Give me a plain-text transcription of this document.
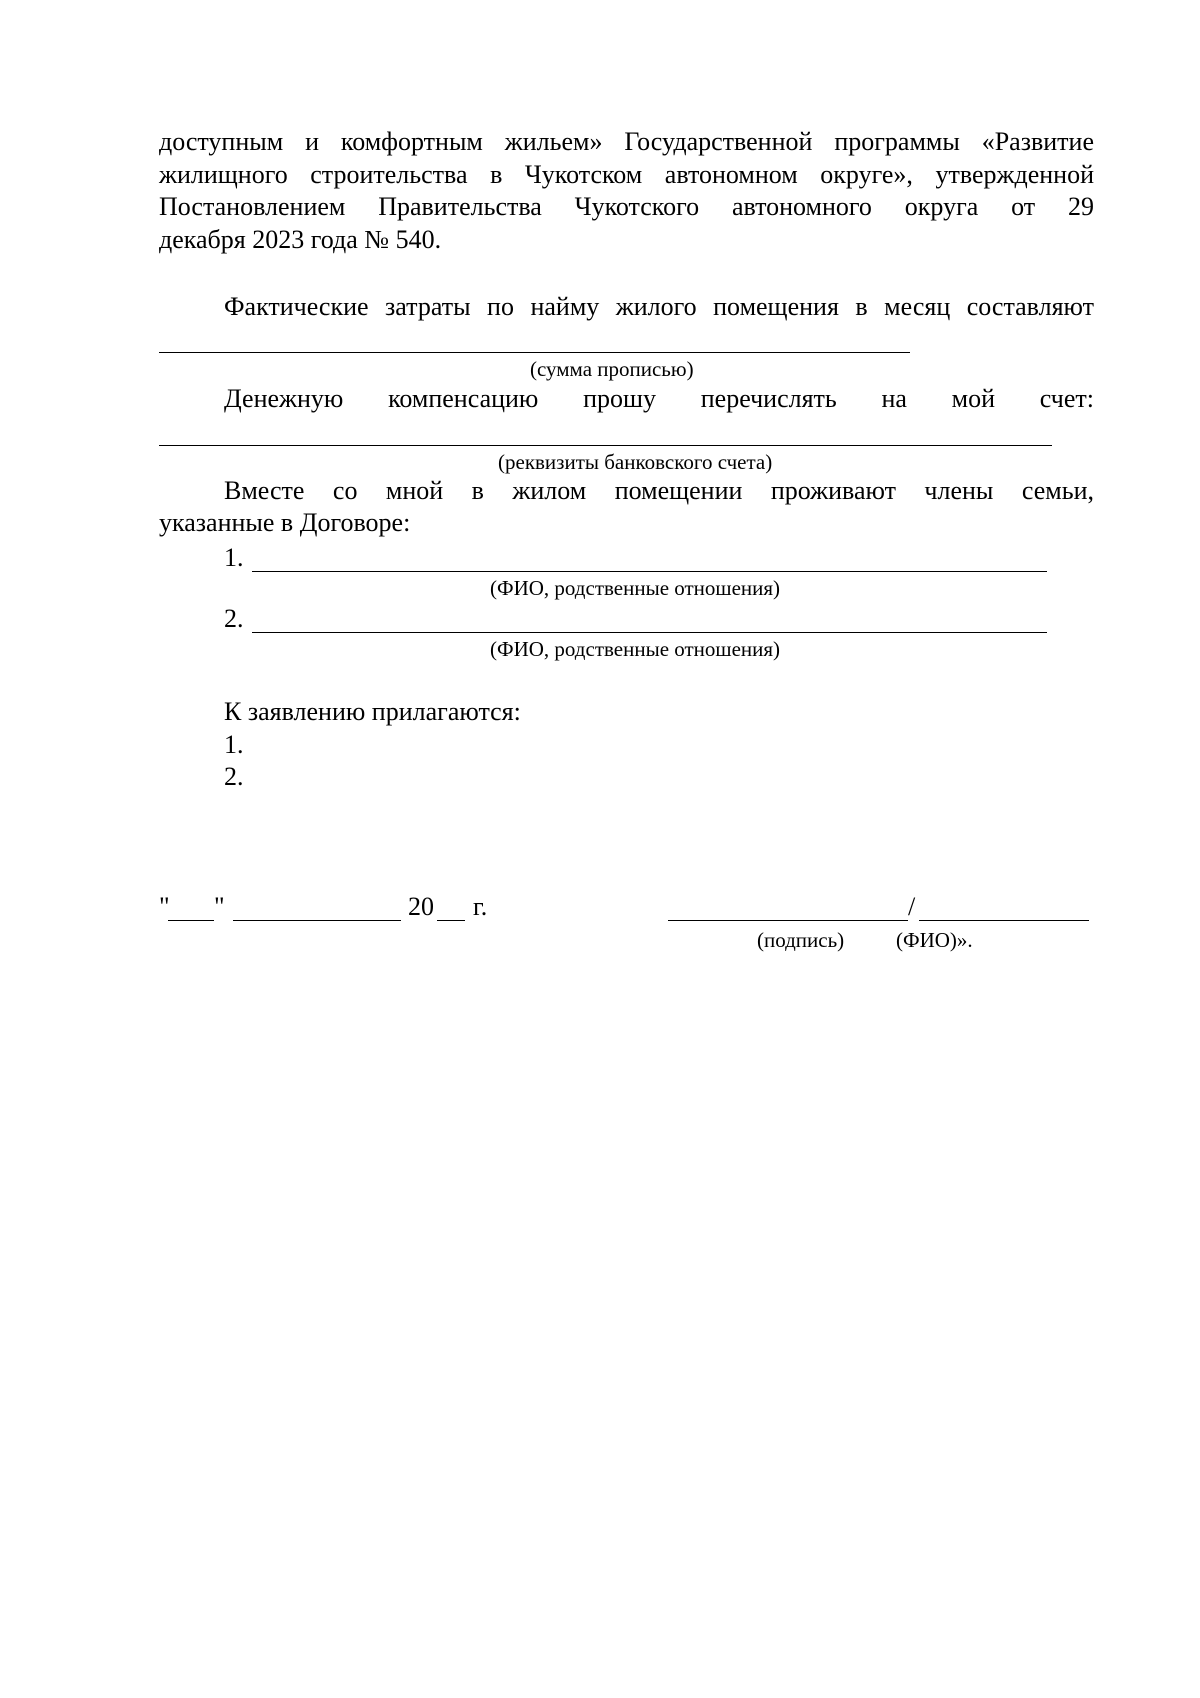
доступным и комфортным жильем» Государственной программы «Развитие
жилищного строительства в Чукотском автономном округе», утвержденной
Постановлением Правительства Чукотского автономного округа от 29
декабря 2023 года № 540.
Фактические затраты по найму жилого помещения в месяц составляют
(сумма прописью)
Денежную компенсацию прошу перечислять на мой счет:
(реквизиты банковского счета)
Вместе со мной в жилом помещении проживают члены семьи,
указанные в Договоре:
1.
(ФИО, родственные отношения)
2.
(ФИО, родственные отношения)
К заявлению прилагаются:
1.
2.
" "	20 г.	/
(подпись) (ФИО)».
